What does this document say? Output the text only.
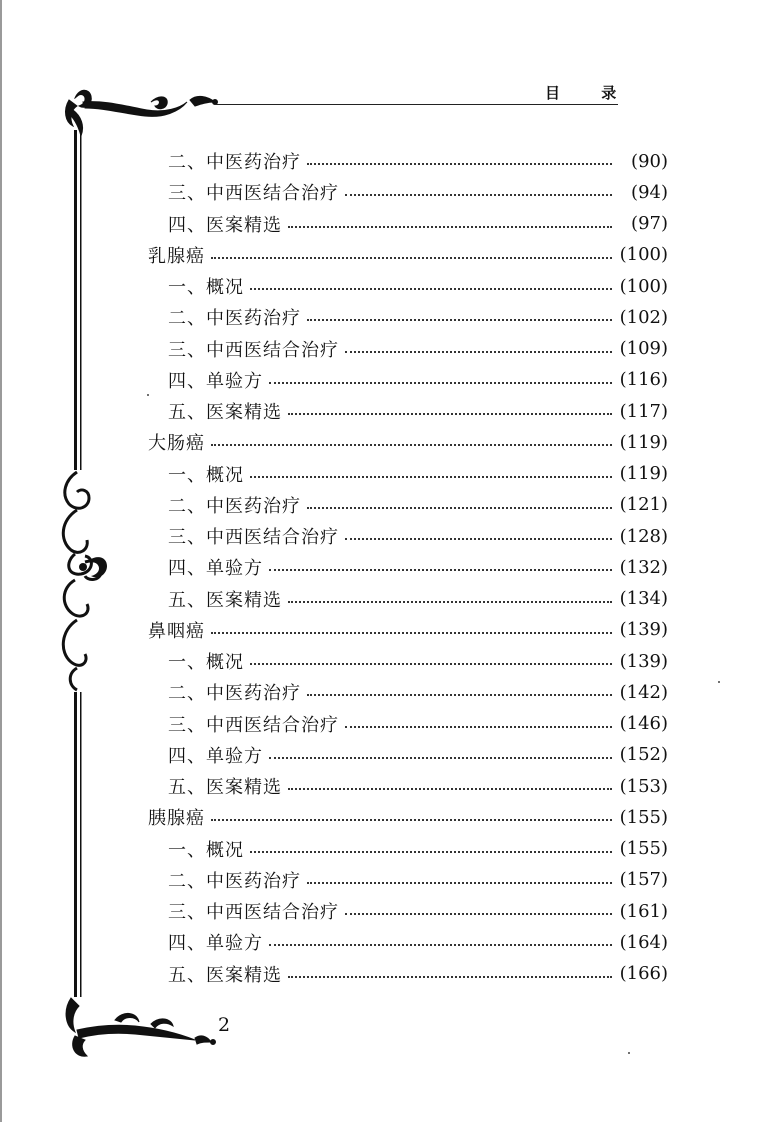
目 录
二、中医药治疗	(90)
三、中西医结合治疗	(94)
四、医案精选	(97)
乳腺癌	(100)
一、概况	(100)
二、中医药治疗	(102)
三、中西医结合治疗	(109)
四、单验方	(116)
五、医案精选	(117)
大肠癌	(119)
一、概况	(119)
二、中医药治疗	(121)
三、中西医结合治疗	(128)
四、单验方	(132)
五、医案精选	(134)
鼻咽癌	(139)
一、概况	(139)
二、中医药治疗	(142)
三、中西医结合治疗	(146)
四、单验方	(152)
五、医案精选	(153)
胰腺癌	(155)
一、概况	(155)
二、中医药治疗	(157)
三、中西医结合治疗	(161)
四、单验方	(164)
五、医案精选	(166)
2
